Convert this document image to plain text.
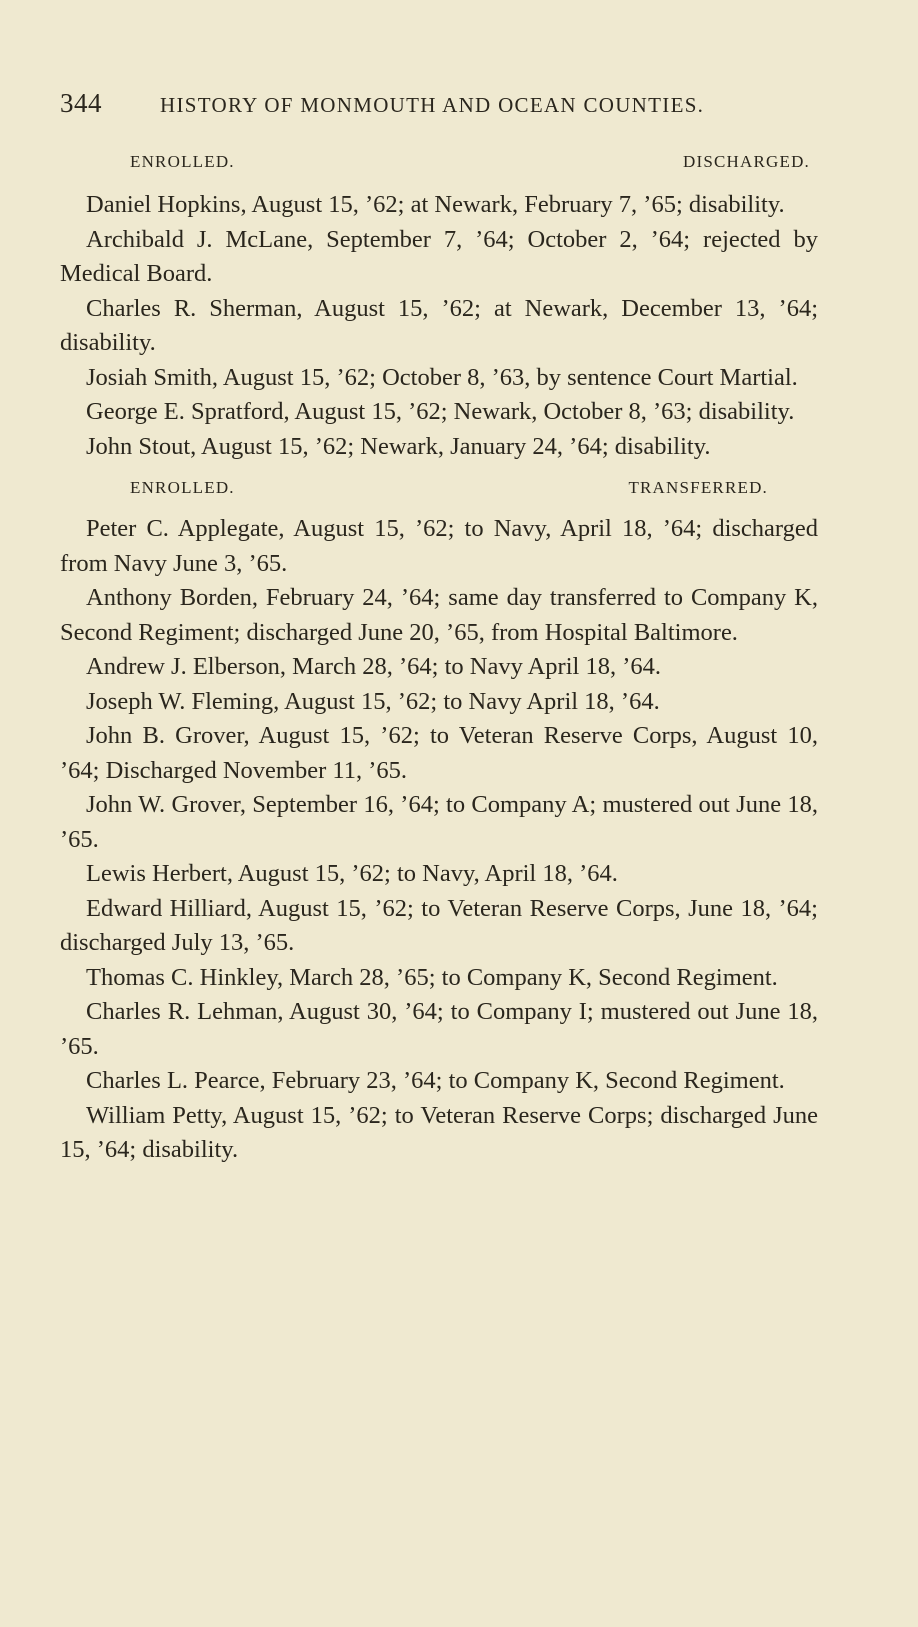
344	HISTORY OF MONMOUTH AND OCEAN COUNTIES.
ENROLLED.	DISCHARGED.

Daniel Hopkins, August 15, ’62; at Newark, February 7, ’65; disability.

Archibald J. McLane, September 7, ’64; October 2, ’64; rejected by Medical Board.

Charles R. Sherman, August 15, ’62; at Newark, December 13, ’64; disability.

Josiah Smith, August 15, ’62; October 8, ’63, by sentence Court Martial.

George E. Spratford, August 15, ’62; Newark, October 8, ’63; disability.

John Stout, August 15, ’62; Newark, January 24, ’64; disability.

ENROLLED.	TRANSFERRED.

Peter C. Applegate, August 15, ’62; to Navy, April 18, ’64; discharged from Navy June 3, ’65.

Anthony Borden, February 24, ’64; same day transferred to Company K, Second Regiment; discharged June 20, ’65, from Hospital Baltimore.

Andrew J. Elberson, March 28, ’64; to Navy April 18, ’64.

Joseph W. Fleming, August 15, ’62; to Navy April 18, ’64.

John B. Grover, August 15, ’62; to Veteran Reserve Corps, August 10, ’64; Discharged November 11, ’65.

John W. Grover, September 16, ’64; to Company A; mustered out June 18, ’65.

Lewis Herbert, August 15, ’62; to Navy, April 18, ’64.

Edward Hilliard, August 15, ’62; to Veteran Reserve Corps, June 18, ’64; discharged July 13, ’65.

Thomas C. Hinkley, March 28, ’65; to Company K, Second Regiment.

Charles R. Lehman, August 30, ’64; to Company I; mustered out June 18, ’65.

Charles L. Pearce, February 23, ’64; to Company K, Second Regiment.

William Petty, August 15, ’62; to Veteran Reserve Corps; discharged June 15, ’64; disability.
